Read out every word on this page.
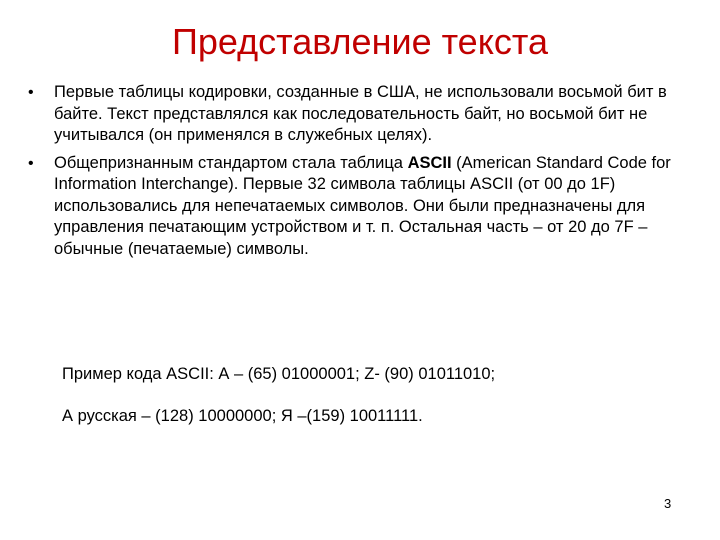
Представление текста
•	Первые таблицы кодировки, созданные в США, не использовали восьмой бит в байте. Текст представлялся как последовательность байт, но восьмой бит не учитывался (он применялся в служебных целях).
•	Общепризнанным стандартом стала таблица ASCII (American Standard Code for Information Interchange). Первые 32 символа таблицы ASCII (от 00 до 1F) использовались для непечатаемых символов. Они были предназначены для управления печатающим устройством и т. п. Остальная часть – от 20 до 7F – обычные (печатаемые) символы.
Пример кода ASCII: А – (65) 01000001; Z- (90) 01011010;
А русская – (128) 10000000; Я –(159) 10011111.
3
